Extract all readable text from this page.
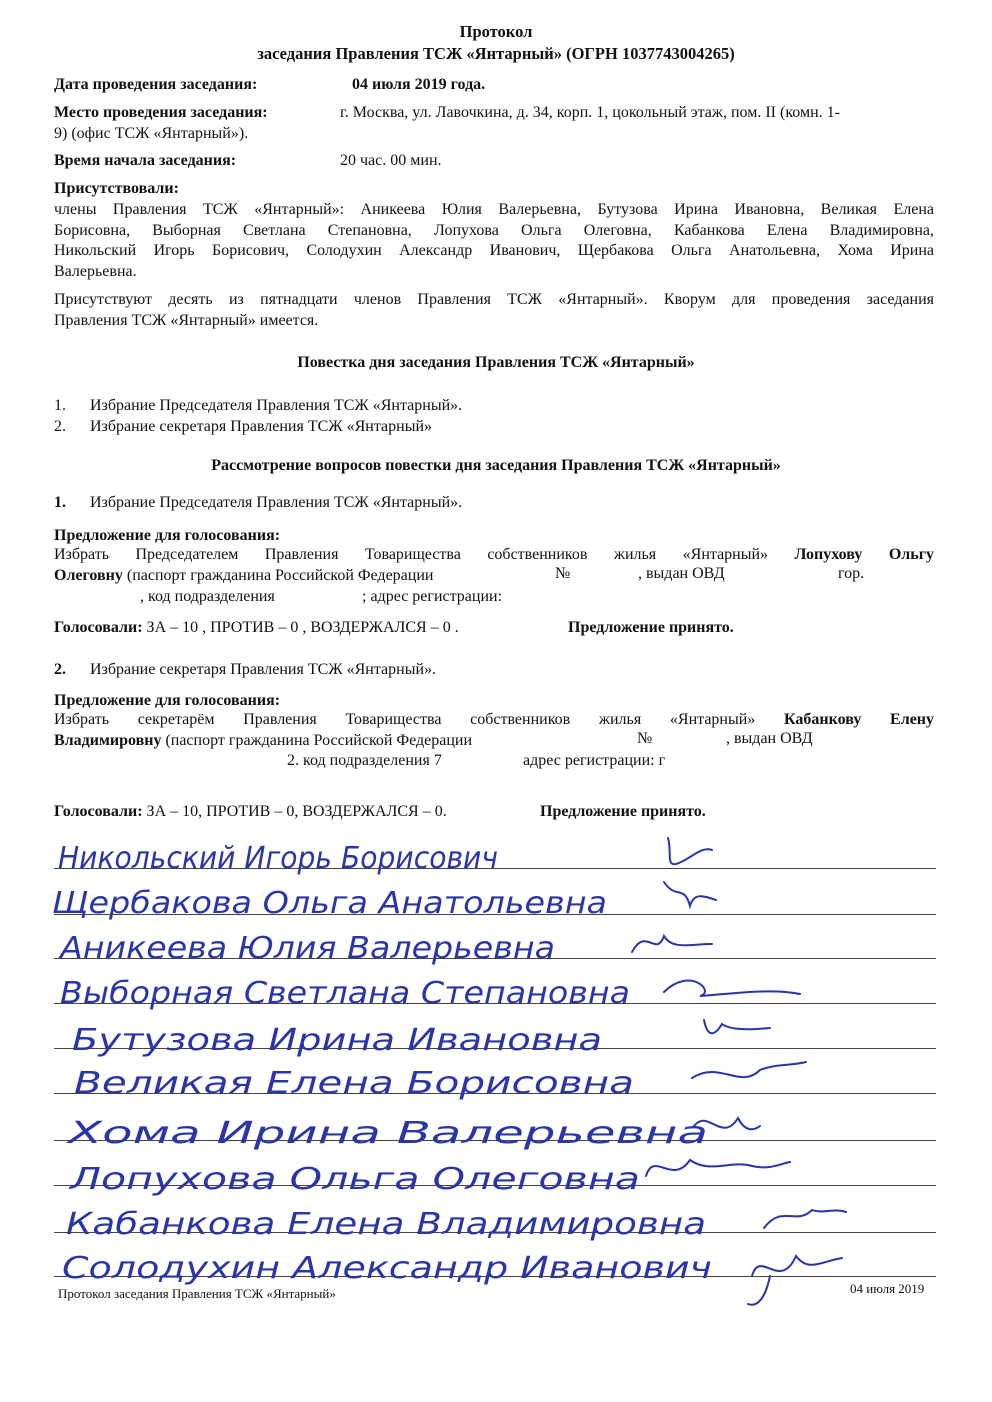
Протокол
заседания Правления ТСЖ «Янтарный» (ОГРН 1037743004265)
Дата проведения заседания:	04 июля 2019 года.
Место проведения заседания:	г. Москва, ул. Лавочкина, д. 34, корп. 1, цокольный этаж, пом. II (комн. 1-
9) (офис ТСЖ «Янтарный»).
Время начала заседания:	20 час. 00 мин.
Присутствовали:
члены Правления ТСЖ «Янтарный»: Аникеева Юлия Валерьевна, Бутузова Ирина Ивановна, Великая Елена
Борисовна, Выборная Светлана Степановна, Лопухова Ольга Олеговна, Кабанкова Елена Владимировна,
Никольский Игорь Борисович, Солодухин Александр Иванович, Щербакова Ольга Анатольевна, Хома Ирина
Валерьевна.
Присутствуют десять из пятнадцати членов Правления ТСЖ «Янтарный». Кворум для проведения заседания
Правления ТСЖ «Янтарный» имеется.
Повестка дня заседания Правления ТСЖ «Янтарный»
1. Избрание Председателя Правления ТСЖ «Янтарный».
2. Избрание секретаря Правления ТСЖ «Янтарный»
Рассмотрение вопросов повестки дня заседания Правления ТСЖ «Янтарный»
1. Избрание Председателя Правления ТСЖ «Янтарный».
Предложение для голосования:
Избрать Председателем Правления Товарищества собственников жилья «Янтарный» Лопухову Ольгу
Олеговну (паспорт гражданина Российской Федерации	№	, выдан ОВД	гор.
, код подразделения	; адрес регистрации:
Голосовали: ЗА – 10 , ПРОТИВ – 0 , ВОЗДЕРЖАЛСЯ – 0 .	Предложение принято.
2. Избрание секретаря Правления ТСЖ «Янтарный».
Предложение для голосования:
Избрать секретарём Правления Товарищества собственников жилья «Янтарный» Кабанкову Елену
Владимировну (паспорт гражданина Российской Федерации	№	, выдан ОВД
2. код подразделения 7	адрес регистрации: г
Голосовали: ЗА – 10, ПРОТИВ – 0, ВОЗДЕРЖАЛСЯ – 0.	Предложение принято.
Никольский Игорь Борисович
Щербакова Ольга Анатольевна
Аникеева Юлия Валерьевна
Выборная Светлана Степановна
Бутузова Ирина Ивановна
Великая Елена Борисовна
Хома Ирина Валерьевна
Лопухова Ольга Олеговна
Кабанкова Елена Владимировна
Солодухин Александр Иванович
Протокол заседания Правления ТСЖ «Янтарный»	04 июля 2019
